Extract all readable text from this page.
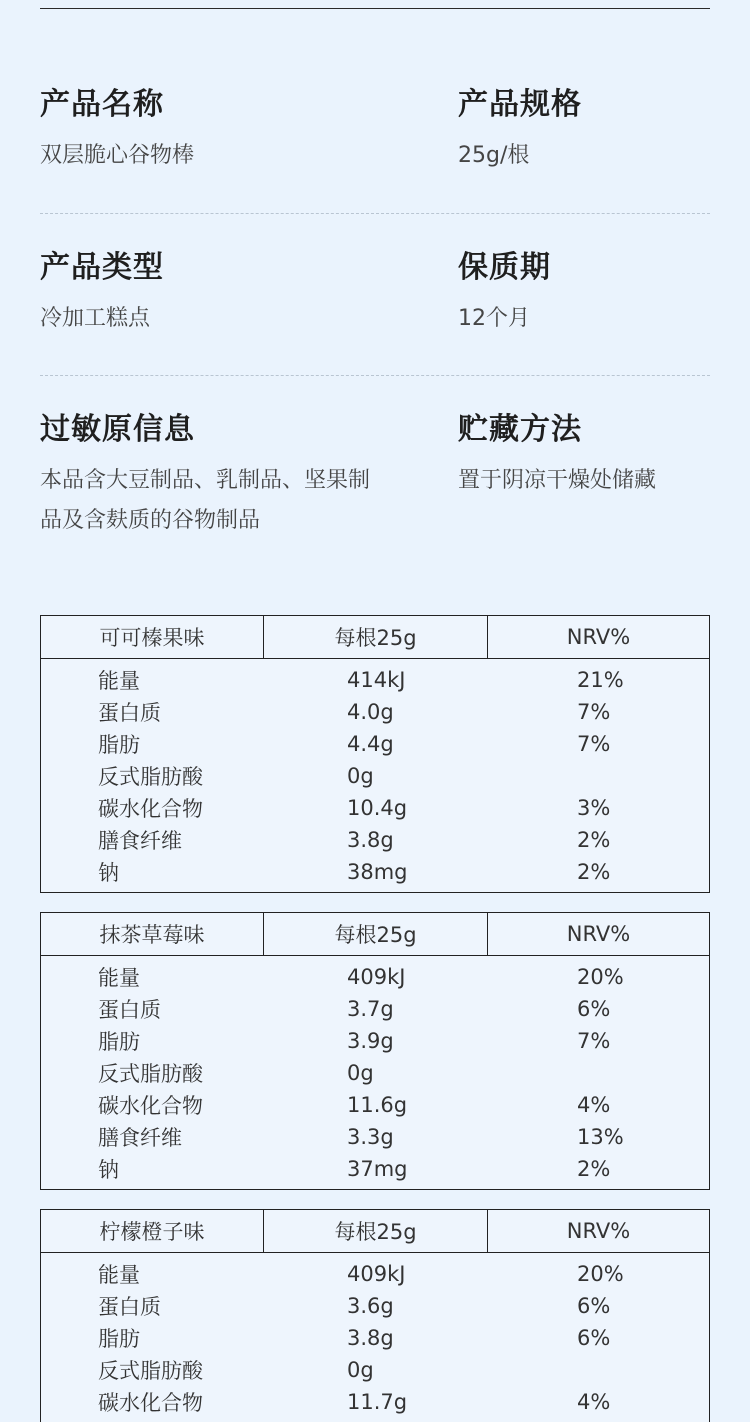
产品名称
双层脆心谷物棒
产品规格
25g/根
产品类型
冷加工糕点
保质期
12个月
过敏原信息
本品含大豆制品、乳制品、坚果制品及含麸质的谷物制品
贮藏方法
置于阴凉干燥处储藏
可可榛果味	每根25g	NRV%
能量	414kJ	21%
蛋白质	4.0g	7%
脂肪	4.4g	7%
反式脂肪酸	0g
碳水化合物	10.4g	3%
膳食纤维	3.8g	2%
钠	38mg	2%
抹茶草莓味	每根25g	NRV%
能量	409kJ	20%
蛋白质	3.7g	6%
脂肪	3.9g	7%
反式脂肪酸	0g
碳水化合物	11.6g	4%
膳食纤维	3.3g	13%
钠	37mg	2%
柠檬橙子味	每根25g	NRV%
能量	409kJ	20%
蛋白质	3.6g	6%
脂肪	3.8g	6%
反式脂肪酸	0g
碳水化合物	11.7g	4%
